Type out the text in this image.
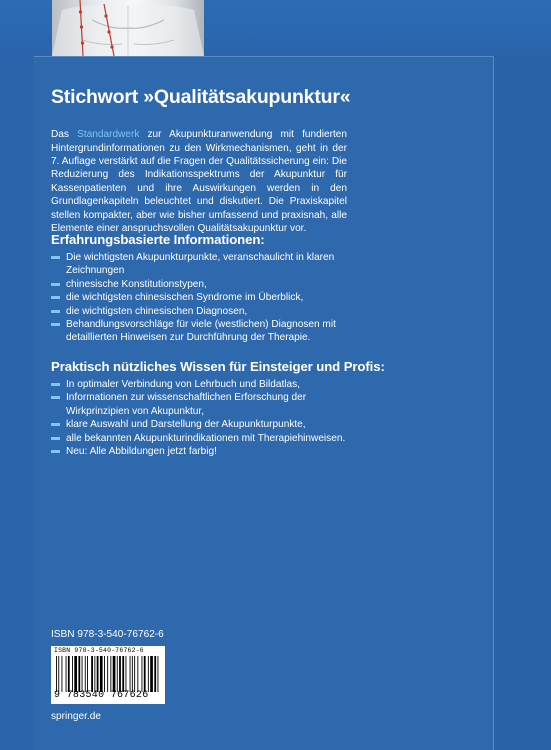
Stichwort »Qualitätsakupunktur«

Das Standardwerk zur Akupunkturanwendung mit fundierten Hintergrundinformationen zu den Wirkmechanismen, geht in der 7. Auflage verstärkt auf die Fragen der Qualitätssicherung ein: Die Reduzierung des Indikationsspektrums der Akupunktur für Kassenpatienten und ihre Auswirkungen werden in den Grundlagenkapiteln beleuchtet und diskutiert. Die Praxiskapitel stellen kompakter, aber wie bisher umfassend und praxisnah, alle Elemente einer anspruchsvollen Qualitätsakupunktur vor.

Erfahrungsbasierte Informationen:
Die wichtigsten Akupunkturpunkte, veranschaulicht in klaren Zeichnungen
chinesische Konstitutionstypen,
die wichtigsten chinesischen Syndrome im Überblick,
die wichtigsten chinesischen Diagnosen,
Behandlungsvorschläge für viele (westlichen) Diagnosen mit detaillierten Hinweisen zur Durchführung der Therapie.
Praktisch nützliches Wissen für Einsteiger und Profis:
In optimaler Verbindung von Lehrbuch und Bildatlas,
Informationen zur wissenschaftlichen Erforschung der Wirkprinzipien von Akupunktur,
klare Auswahl und Darstellung der Akupunkturpunkte,
alle bekannten Akupunkturindikationen mit Therapiehinweisen.
Neu: Alle Abbildungen jetzt farbig!
ISBN 978-3-540-76762-6
ISBN 978-3-540-76762-6
9 783540 767626
springer.de
